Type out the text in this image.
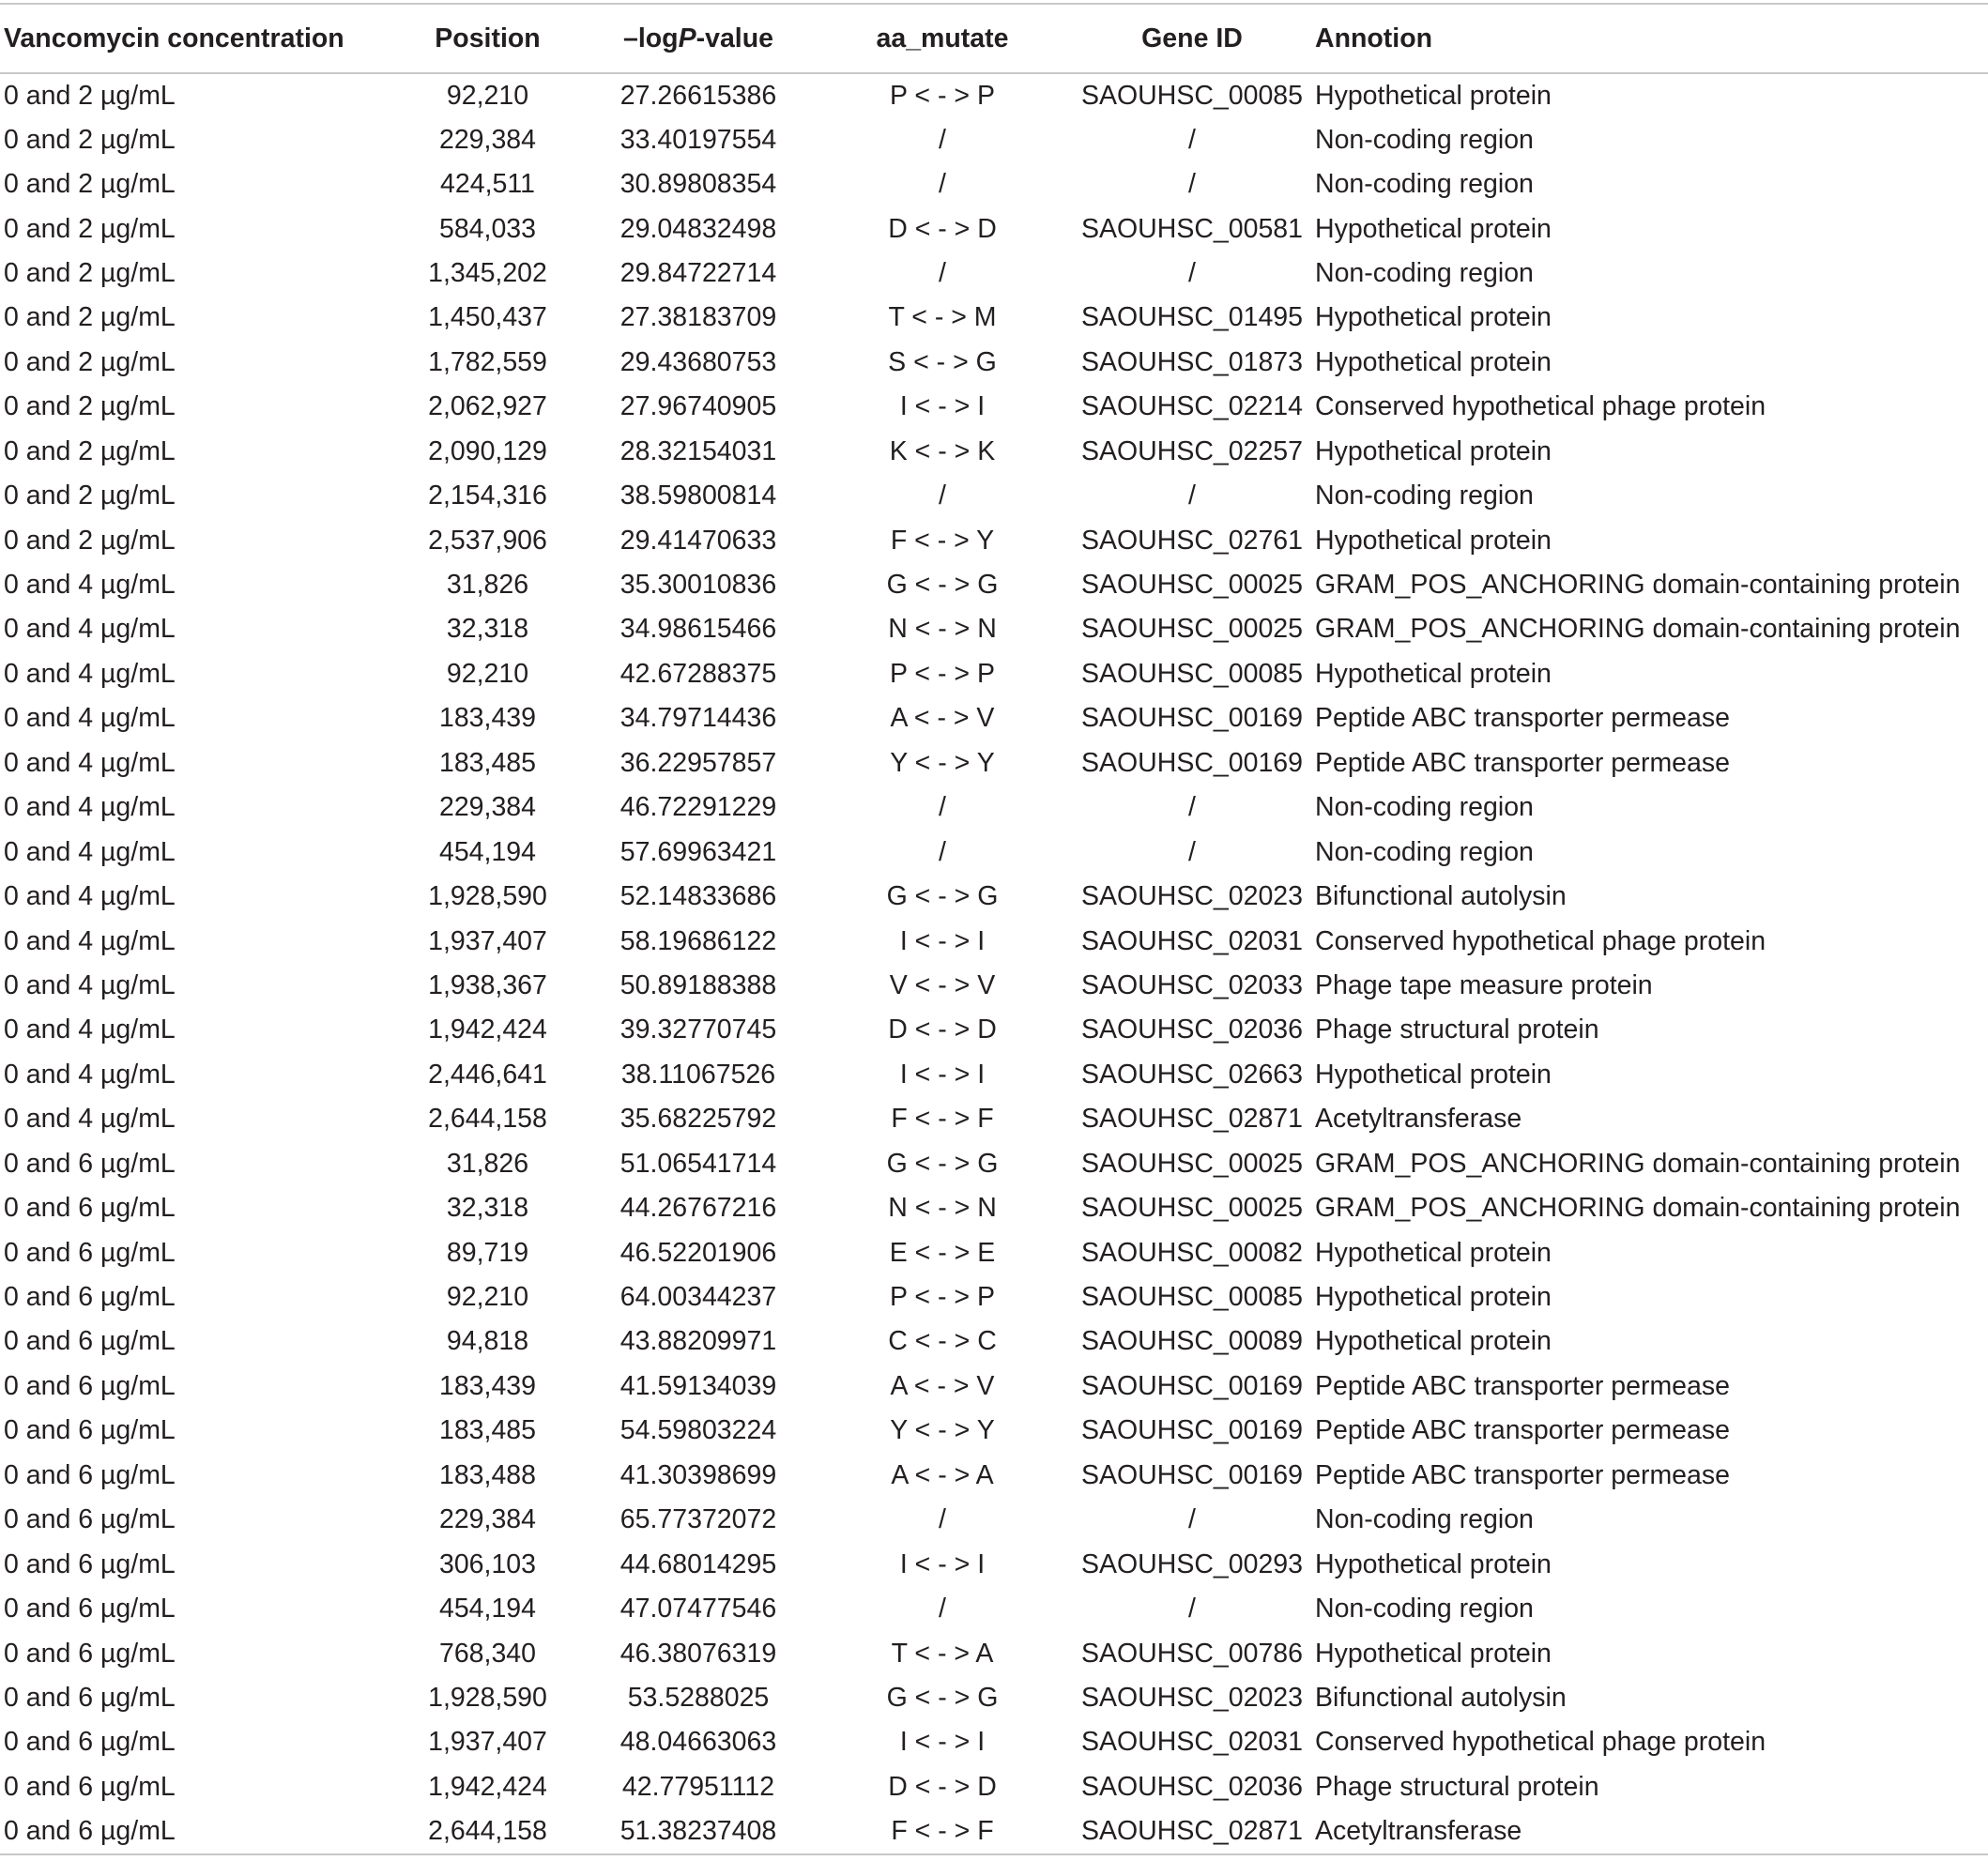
Vancomycin concentration	Position	–logP-value	aa_mutate	Gene ID	Annotion
0 and 2 µg/mL	92,210	27.26615386	P < - > P	SAOUHSC_00085	Hypothetical protein
0 and 2 µg/mL	229,384	33.40197554	/	/	Non-coding region
0 and 2 µg/mL	424,511	30.89808354	/	/	Non-coding region
0 and 2 µg/mL	584,033	29.04832498	D < - > D	SAOUHSC_00581	Hypothetical protein
0 and 2 µg/mL	1,345,202	29.84722714	/	/	Non-coding region
0 and 2 µg/mL	1,450,437	27.38183709	T < - > M	SAOUHSC_01495	Hypothetical protein
0 and 2 µg/mL	1,782,559	29.43680753	S < - > G	SAOUHSC_01873	Hypothetical protein
0 and 2 µg/mL	2,062,927	27.96740905	I < - > I	SAOUHSC_02214	Conserved hypothetical phage protein
0 and 2 µg/mL	2,090,129	28.32154031	K < - > K	SAOUHSC_02257	Hypothetical protein
0 and 2 µg/mL	2,154,316	38.59800814	/	/	Non-coding region
0 and 2 µg/mL	2,537,906	29.41470633	F < - > Y	SAOUHSC_02761	Hypothetical protein
0 and 4 µg/mL	31,826	35.30010836	G < - > G	SAOUHSC_00025	GRAM_POS_ANCHORING domain-containing protein
0 and 4 µg/mL	32,318	34.98615466	N < - > N	SAOUHSC_00025	GRAM_POS_ANCHORING domain-containing protein
0 and 4 µg/mL	92,210	42.67288375	P < - > P	SAOUHSC_00085	Hypothetical protein
0 and 4 µg/mL	183,439	34.79714436	A < - > V	SAOUHSC_00169	Peptide ABC transporter permease
0 and 4 µg/mL	183,485	36.22957857	Y < - > Y	SAOUHSC_00169	Peptide ABC transporter permease
0 and 4 µg/mL	229,384	46.72291229	/	/	Non-coding region
0 and 4 µg/mL	454,194	57.69963421	/	/	Non-coding region
0 and 4 µg/mL	1,928,590	52.14833686	G < - > G	SAOUHSC_02023	Bifunctional autolysin
0 and 4 µg/mL	1,937,407	58.19686122	I < - > I	SAOUHSC_02031	Conserved hypothetical phage protein
0 and 4 µg/mL	1,938,367	50.89188388	V < - > V	SAOUHSC_02033	Phage tape measure protein
0 and 4 µg/mL	1,942,424	39.32770745	D < - > D	SAOUHSC_02036	Phage structural protein
0 and 4 µg/mL	2,446,641	38.11067526	I < - > I	SAOUHSC_02663	Hypothetical protein
0 and 4 µg/mL	2,644,158	35.68225792	F < - > F	SAOUHSC_02871	Acetyltransferase
0 and 6 µg/mL	31,826	51.06541714	G < - > G	SAOUHSC_00025	GRAM_POS_ANCHORING domain-containing protein
0 and 6 µg/mL	32,318	44.26767216	N < - > N	SAOUHSC_00025	GRAM_POS_ANCHORING domain-containing protein
0 and 6 µg/mL	89,719	46.52201906	E < - > E	SAOUHSC_00082	Hypothetical protein
0 and 6 µg/mL	92,210	64.00344237	P < - > P	SAOUHSC_00085	Hypothetical protein
0 and 6 µg/mL	94,818	43.88209971	C < - > C	SAOUHSC_00089	Hypothetical protein
0 and 6 µg/mL	183,439	41.59134039	A < - > V	SAOUHSC_00169	Peptide ABC transporter permease
0 and 6 µg/mL	183,485	54.59803224	Y < - > Y	SAOUHSC_00169	Peptide ABC transporter permease
0 and 6 µg/mL	183,488	41.30398699	A < - > A	SAOUHSC_00169	Peptide ABC transporter permease
0 and 6 µg/mL	229,384	65.77372072	/	/	Non-coding region
0 and 6 µg/mL	306,103	44.68014295	I < - > I	SAOUHSC_00293	Hypothetical protein
0 and 6 µg/mL	454,194	47.07477546	/	/	Non-coding region
0 and 6 µg/mL	768,340	46.38076319	T < - > A	SAOUHSC_00786	Hypothetical protein
0 and 6 µg/mL	1,928,590	53.5288025	G < - > G	SAOUHSC_02023	Bifunctional autolysin
0 and 6 µg/mL	1,937,407	48.04663063	I < - > I	SAOUHSC_02031	Conserved hypothetical phage protein
0 and 6 µg/mL	1,942,424	42.77951112	D < - > D	SAOUHSC_02036	Phage structural protein
0 and 6 µg/mL	2,644,158	51.38237408	F < - > F	SAOUHSC_02871	Acetyltransferase
